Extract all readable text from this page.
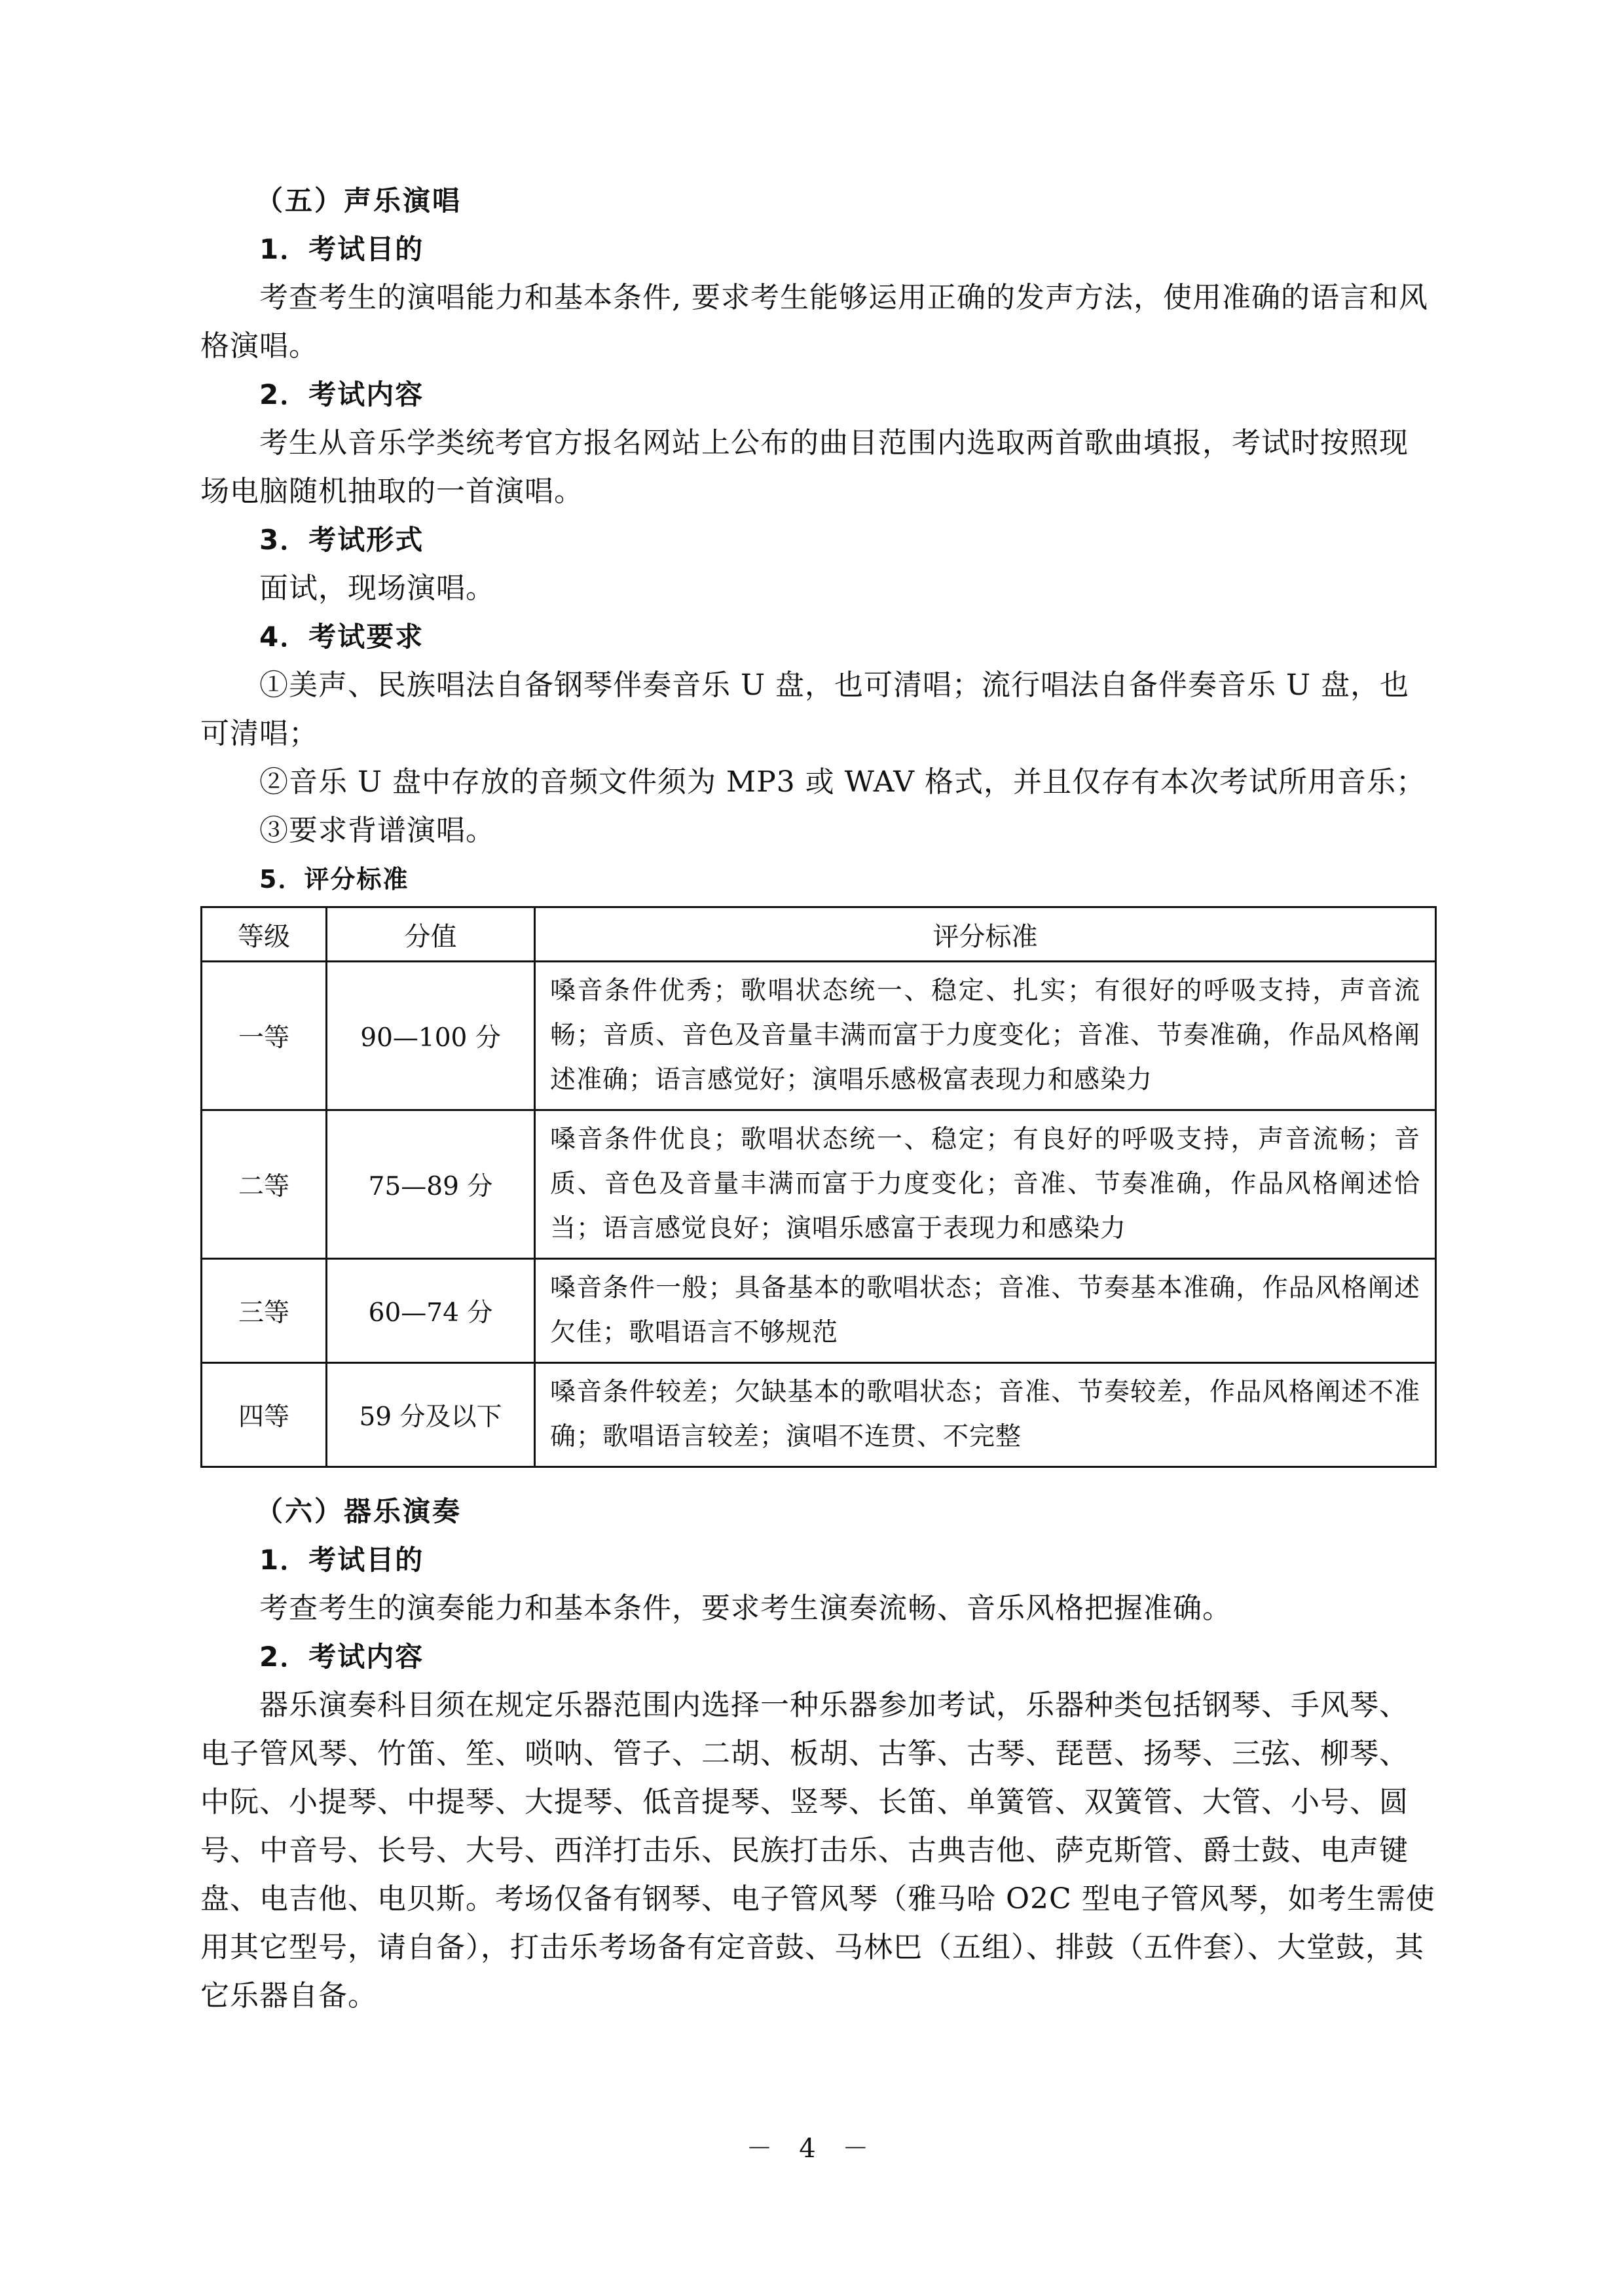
（五）声乐演唱
1．考试目的
考查考生的演唱能力和基本条件, 要求考生能够运用正确的发声方法，使用准确的语言和风格演唱。
2．考试内容
考生从音乐学类统考官方报名网站上公布的曲目范围内选取两首歌曲填报，考试时按照现场电脑随机抽取的一首演唱。
3．考试形式
面试，现场演唱。
4．考试要求
①美声、民族唱法自备钢琴伴奏音乐 U 盘，也可清唱；流行唱法自备伴奏音乐 U 盘，也可清唱；
②音乐 U 盘中存放的音频文件须为 MP3 或 WAV 格式，并且仅存有本次考试所用音乐；
③要求背谱演唱。
5．评分标准
等级	分值	评分标准
一等	90—100 分	嗓音条件优秀；歌唱状态统一、稳定、扎实；有很好的呼吸支持，声音流畅；音质、音色及音量丰满而富于力度变化；音准、节奏准确，作品风格阐述准确；语言感觉好；演唱乐感极富表现力和感染力
二等	75—89 分	嗓音条件优良；歌唱状态统一、稳定；有良好的呼吸支持，声音流畅；音质、音色及音量丰满而富于力度变化；音准、节奏准确，作品风格阐述恰当；语言感觉良好；演唱乐感富于表现力和感染力
三等	60—74 分	嗓音条件一般；具备基本的歌唱状态；音准、节奏基本准确，作品风格阐述欠佳；歌唱语言不够规范
四等	59 分及以下	嗓音条件较差；欠缺基本的歌唱状态；音准、节奏较差，作品风格阐述不准确；歌唱语言较差；演唱不连贯、不完整
（六）器乐演奏
1．考试目的
考查考生的演奏能力和基本条件，要求考生演奏流畅、音乐风格把握准确。
2．考试内容
器乐演奏科目须在规定乐器范围内选择一种乐器参加考试，乐器种类包括钢琴、手风琴、电子管风琴、竹笛、笙、唢呐、管子、二胡、板胡、古筝、古琴、琵琶、扬琴、三弦、柳琴、中阮、小提琴、中提琴、大提琴、低音提琴、竖琴、长笛、单簧管、双簧管、大管、小号、圆号、中音号、长号、大号、西洋打击乐、民族打击乐、古典吉他、萨克斯管、爵士鼓、电声键盘、电吉他、电贝斯。考场仅备有钢琴、电子管风琴（雅马哈 O2C 型电子管风琴，如考生需使用其它型号，请自备），打击乐考场备有定音鼓、马林巴（五组）、排鼓（五件套）、大堂鼓，其它乐器自备。
－ 4 －
